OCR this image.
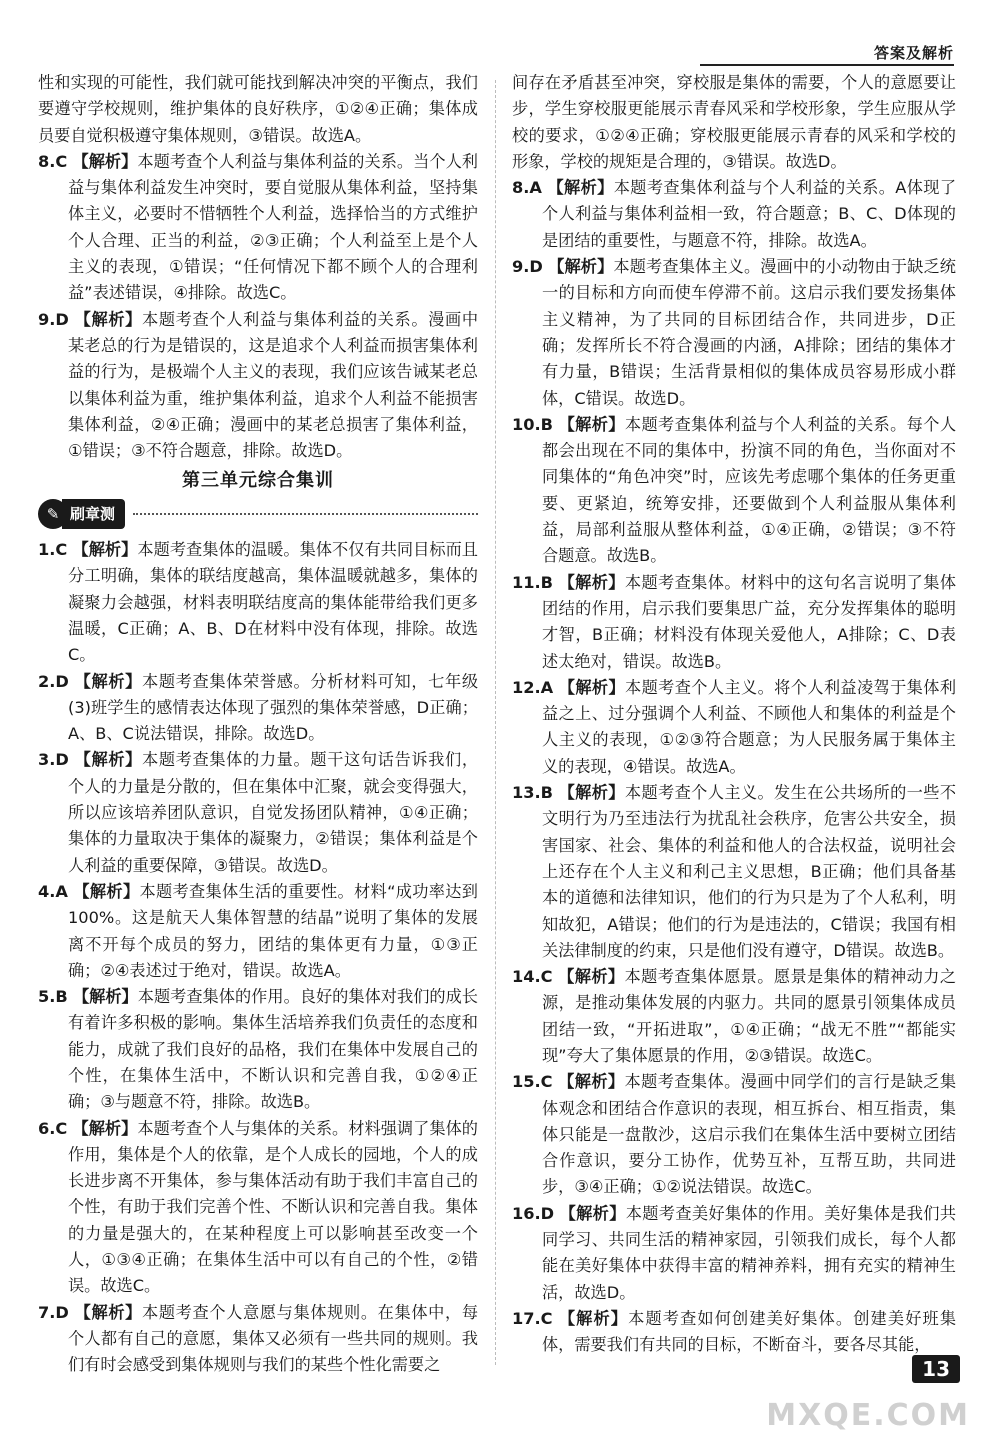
答案及解析

性和实现的可能性，我们就可能找到解决冲突的平衡点，我们要遵守学校规则，维护集体的良好秩序，①②④正确；集体成员要自觉积极遵守集体规则，③错误。故选A。

8.C 【解析】本题考查个人利益与集体利益的关系。当个人利益与集体利益发生冲突时，要自觉服从集体利益，坚持集体主义，必要时不惜牺牲个人利益，选择恰当的方式维护个人合理、正当的利益，②③正确；个人利益至上是个人主义的表现，①错误；“任何情况下都不顾个人的合理利益”表述错误，④排除。故选C。

9.D 【解析】本题考查个人利益与集体利益的关系。漫画中某老总的行为是错误的，这是追求个人利益而损害集体利益的行为，是极端个人主义的表现，我们应该告诫某老总以集体利益为重，维护集体利益，追求个人利益不能损害集体利益，②④正确；漫画中的某老总损害了集体利益，①错误；③不符合题意，排除。故选D。

第三单元综合集训
✎ 刷章测

1.C 【解析】本题考查集体的温暖。集体不仅有共同目标而且分工明确，集体的联结度越高，集体温暖就越多，集体的凝聚力会越强，材料表明联结度高的集体能带给我们更多温暖，C正确；A、B、D在材料中没有体现，排除。故选C。

2.D 【解析】本题考查集体荣誉感。分析材料可知，七年级(3)班学生的感情表达体现了强烈的集体荣誉感，D正确；A、B、C说法错误，排除。故选D。

3.D 【解析】本题考查集体的力量。题干这句话告诉我们，个人的力量是分散的，但在集体中汇聚，就会变得强大，所以应该培养团队意识，自觉发扬团队精神，①④正确；集体的力量取决于集体的凝聚力，②错误；集体利益是个人利益的重要保障，③错误。故选D。

4.A 【解析】本题考查集体生活的重要性。材料“成功率达到100%。这是航天人集体智慧的结晶”说明了集体的发展离不开每个成员的努力，团结的集体更有力量，①③正确；②④表述过于绝对，错误。故选A。

5.B 【解析】本题考查集体的作用。良好的集体对我们的成长有着许多积极的影响。集体生活培养我们负责任的态度和能力，成就了我们良好的品格，我们在集体中发展自己的个性，在集体生活中，不断认识和完善自我，①②④正确；③与题意不符，排除。故选B。

6.C 【解析】本题考查个人与集体的关系。材料强调了集体的作用，集体是个人的依靠，是个人成长的园地，个人的成长进步离不开集体，参与集体活动有助于我们丰富自己的个性，有助于我们完善个性、不断认识和完善自我。集体的力量是强大的，在某种程度上可以影响甚至改变一个人，①③④正确；在集体生活中可以有自己的个性，②错误。故选C。

7.D 【解析】本题考查个人意愿与集体规则。在集体中，每个人都有自己的意愿，集体又必须有一些共同的规则。我们有时会感受到集体规则与我们的某些个性化需要之

间存在矛盾甚至冲突，穿校服是集体的需要，个人的意愿要让步，学生穿校服更能展示青春风采和学校形象，学生应服从学校的要求，①②④正确；穿校服更能展示青春的风采和学校的形象，学校的规矩是合理的，③错误。故选D。

8.A 【解析】本题考查集体利益与个人利益的关系。A体现了个人利益与集体利益相一致，符合题意；B、C、D体现的是团结的重要性，与题意不符，排除。故选A。

9.D 【解析】本题考查集体主义。漫画中的小动物由于缺乏统一的目标和方向而使车停滞不前。这启示我们要发扬集体主义精神，为了共同的目标团结合作，共同进步，D正确；发挥所长不符合漫画的内涵，A排除；团结的集体才有力量，B错误；生活背景相似的集体成员容易形成小群体，C错误。故选D。

10.B 【解析】本题考查集体利益与个人利益的关系。每个人都会出现在不同的集体中，扮演不同的角色，当你面对不同集体的“角色冲突”时，应该先考虑哪个集体的任务更重要、更紧迫，统筹安排，还要做到个人利益服从集体利益，局部利益服从整体利益，①④正确，②错误；③不符合题意。故选B。

11.B 【解析】本题考查集体。材料中的这句名言说明了集体团结的作用，启示我们要集思广益，充分发挥集体的聪明才智，B正确；材料没有体现关爱他人，A排除；C、D表述太绝对，错误。故选B。

12.A 【解析】本题考查个人主义。将个人利益凌驾于集体利益之上、过分强调个人利益、不顾他人和集体的利益是个人主义的表现，①②③符合题意；为人民服务属于集体主义的表现，④错误。故选A。

13.B 【解析】本题考查个人主义。发生在公共场所的一些不文明行为乃至违法行为扰乱社会秩序，危害公共安全，损害国家、社会、集体的利益和他人的合法权益，说明社会上还存在个人主义和利己主义思想，B正确；他们具备基本的道德和法律知识，他们的行为只是为了个人私利，明知故犯，A错误；他们的行为是违法的，C错误；我国有相关法律制度的约束，只是他们没有遵守，D错误。故选B。

14.C 【解析】本题考查集体愿景。愿景是集体的精神动力之源，是推动集体发展的内驱力。共同的愿景引领集体成员团结一致，“开拓进取”，①④正确；“战无不胜”“都能实现”夸大了集体愿景的作用，②③错误。故选C。

15.C 【解析】本题考查集体。漫画中同学们的言行是缺乏集体观念和团结合作意识的表现，相互拆台、相互指责，集体只能是一盘散沙，这启示我们在集体生活中要树立团结合作意识，要分工协作，优势互补，互帮互助，共同进步，③④正确；①②说法错误。故选C。

16.D 【解析】本题考查美好集体的作用。美好集体是我们共同学习、共同生活的精神家园，引领我们成长，每个人都能在美好集体中获得丰富的精神养料，拥有充实的精神生活，故选D。

17.C 【解析】本题考查如何创建美好集体。创建美好班集体，需要我们有共同的目标，不断奋斗，要各尽其能，

13
MXQE.COM
